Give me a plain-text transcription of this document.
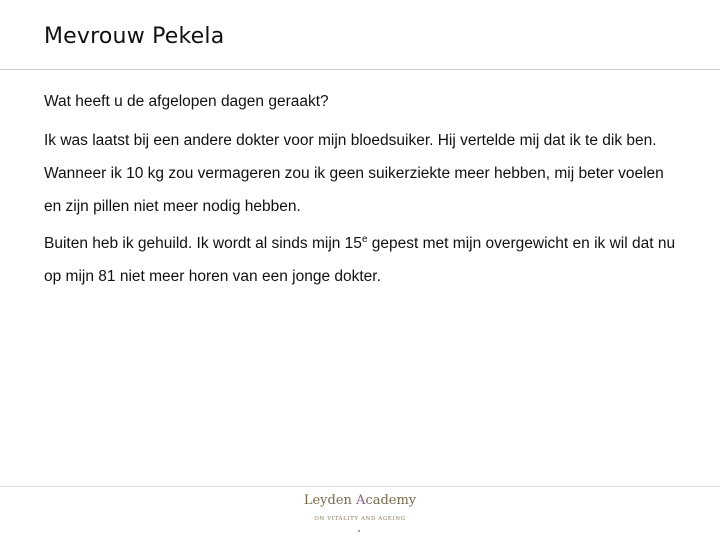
Mevrouw Pekela

Wat heeft u de afgelopen dagen geraakt?

Ik was laatst bij een andere dokter voor mijn bloedsuiker. Hij vertelde mij dat ik te dik ben. Wanneer ik 10 kg zou vermageren zou ik geen suikerziekte meer hebben, mij beter voelen en zijn pillen niet meer nodig hebben.

Buiten heb ik gehuild. Ik wordt al sinds mijn 15e gepest met mijn overgewicht en ik wil dat nu op mijn 81 niet meer horen van een jonge dokter.

Leyden Academy
ON VITALITY AND AGEING
